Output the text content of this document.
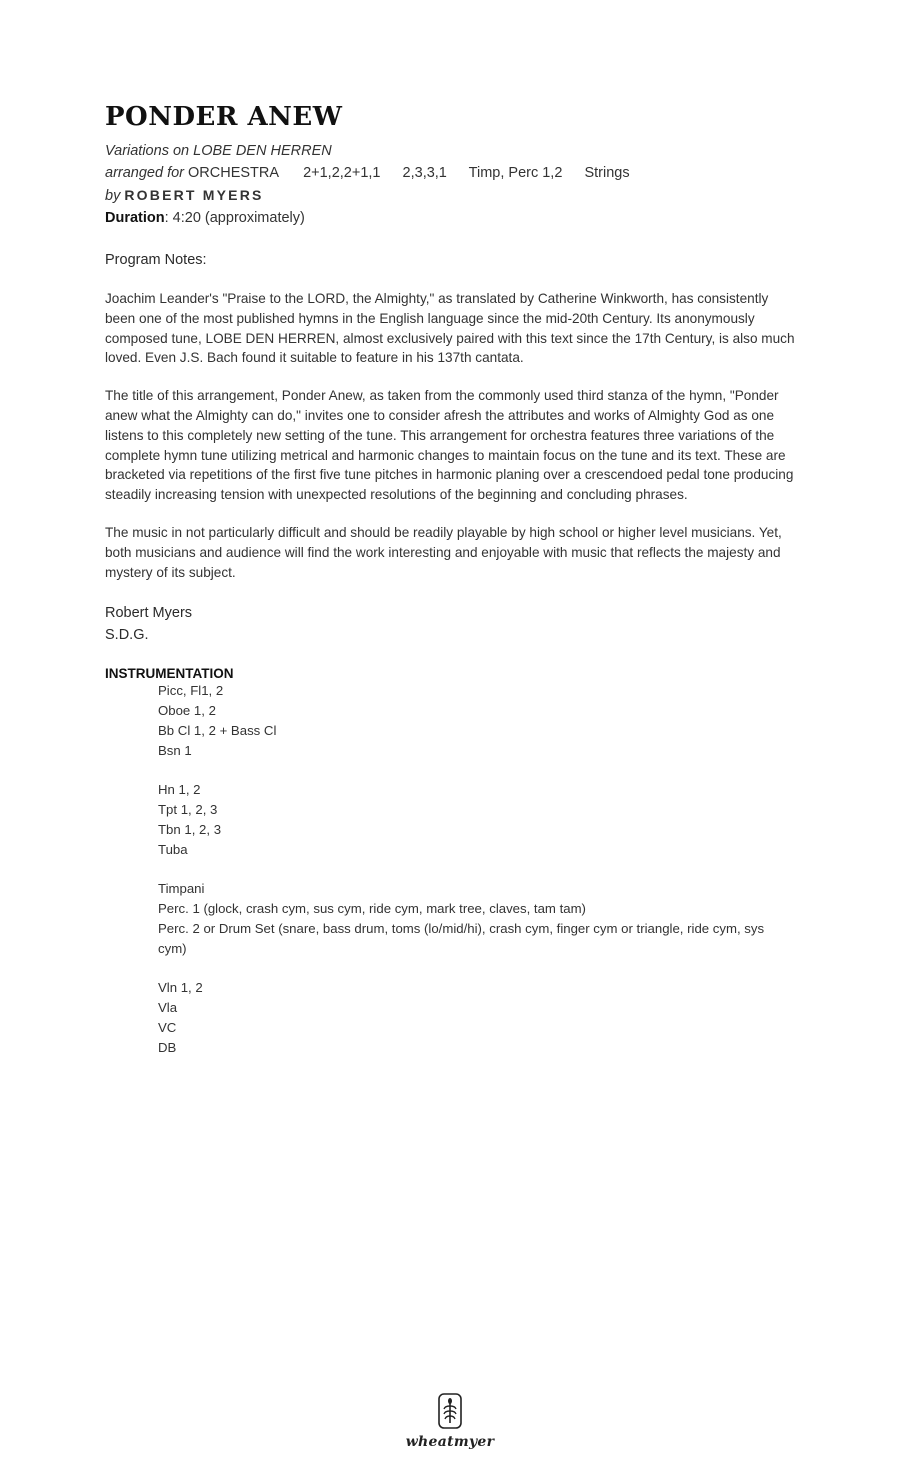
PONDER ANEW
Variations on LOBE DEN HERREN
arranged for ORCHESTRA 2+1,2,2+1,1 2,3,3,1 Timp, Perc 1,2 Strings
by ROBERT MYERS
Duration: 4:20 (approximately)
Program Notes:

Joachim Leander's "Praise to the LORD, the Almighty," as translated by Catherine Winkworth, has consistently been one of the most published hymns in the English language since the mid-20th Century. Its anonymously composed tune, LOBE DEN HERREN, almost exclusively paired with this text since the 17th Century, is also much loved. Even J.S. Bach found it suitable to feature in his 137th cantata.

The title of this arrangement, Ponder Anew, as taken from the commonly used third stanza of the hymn, "Ponder anew what the Almighty can do," invites one to consider afresh the attributes and works of Almighty God as one listens to this completely new setting of the tune. This arrangement for orchestra features three variations of the complete hymn tune utilizing metrical and harmonic changes to maintain focus on the tune and its text. These are bracketed via repetitions of the first five tune pitches in harmonic planing over a crescendoed pedal tone producing steadily increasing tension with unexpected resolutions of the beginning and concluding phrases.

The music in not particularly difficult and should be readily playable by high school or higher level musicians. Yet, both musicians and audience will find the work interesting and enjoyable with music that reflects the majesty and mystery of its subject.

Robert Myers
S.D.G.
INSTRUMENTATION
Picc, Fl1, 2
Oboe 1, 2
Bb Cl 1, 2 + Bass Cl
Bsn 1
Hn 1, 2
Tpt 1, 2, 3
Tbn 1, 2, 3
Tuba
Timpani
Perc. 1 (glock, crash cym, sus cym, ride cym, mark tree, claves, tam tam)
Perc. 2 or Drum Set (snare, bass drum, toms (lo/mid/hi), crash cym, finger cym or triangle, ride cym, sys cym)
Vln 1, 2
Vla
VC
DB
wheatmyer
